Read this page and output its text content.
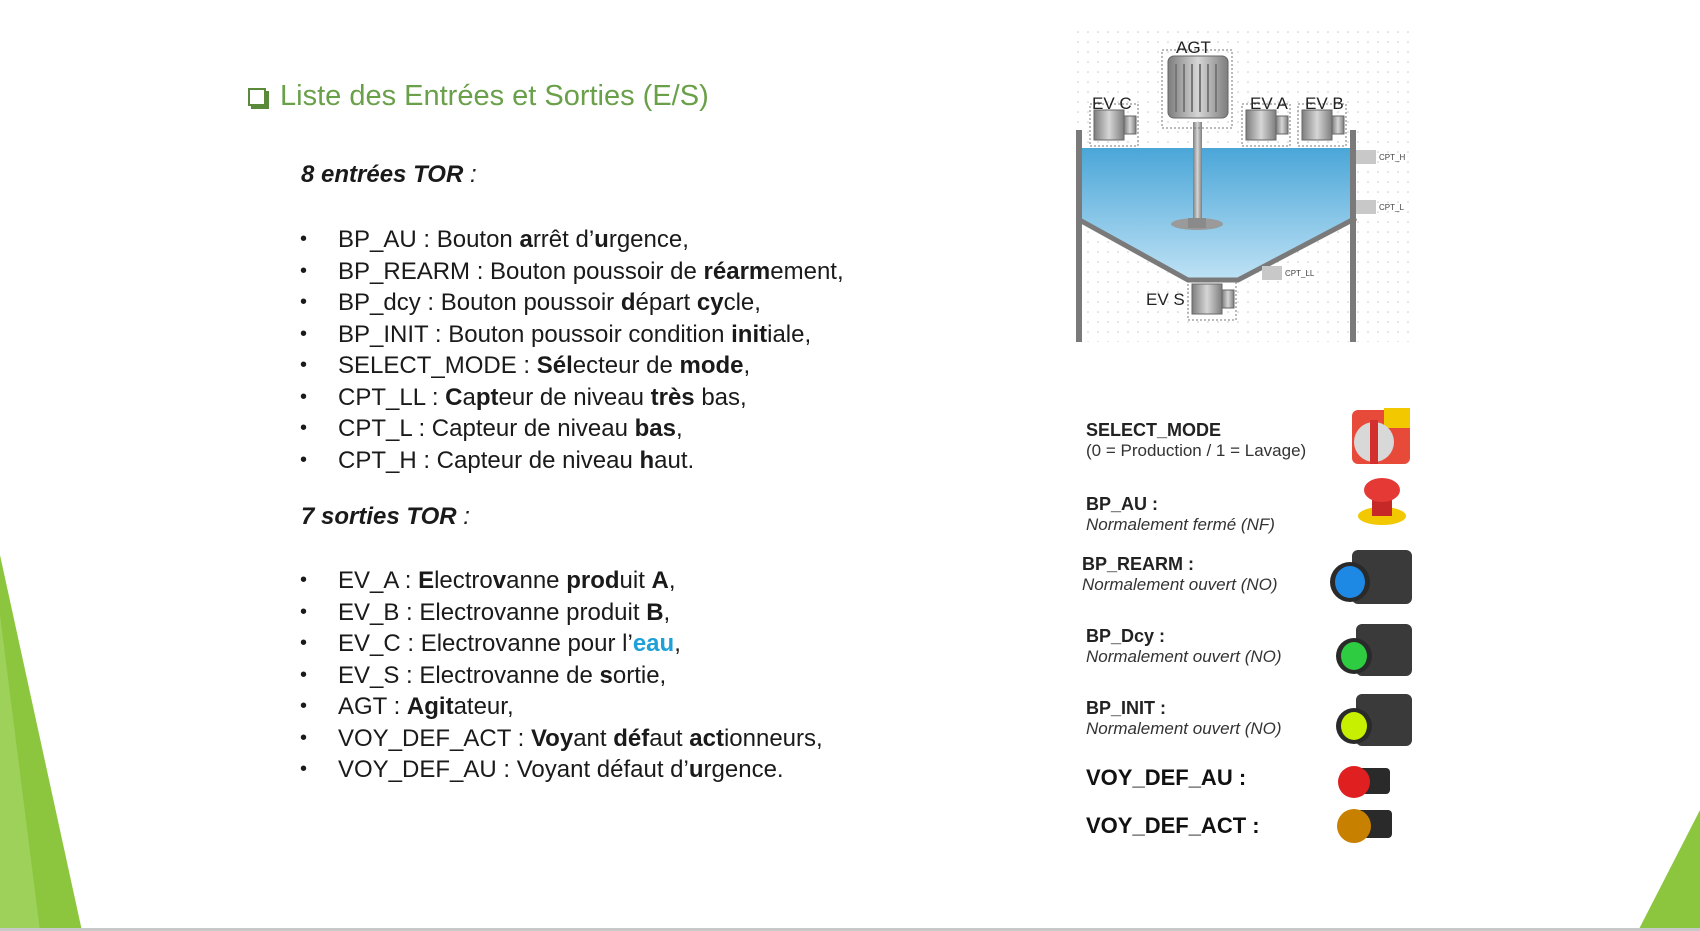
Liste des Entrées et Sorties (E/S)
8 entrées TOR :
• BP_AU : Bouton arrêt d’urgence,
• BP_REARM : Bouton poussoir de réarmement,
• BP_dcy : Bouton poussoir départ cycle,
• BP_INIT : Bouton poussoir condition initiale,
• SELECT_MODE : Sélecteur de mode,
• CPT_LL : Capteur de niveau très bas,
• CPT_L : Capteur de niveau bas,
• CPT_H : Capteur de niveau haut.
7 sorties TOR :
• EV_A : Electrovanne produit A,
• EV_B : Electrovanne produit B,
• EV_C : Electrovanne pour l’eau,
• EV_S : Electrovanne de sortie,
• AGT : Agitateur,
• VOY_DEF_ACT : Voyant défaut actionneurs,
• VOY_DEF_AU : Voyant défaut d’urgence.
AGT
EV C	EV A EV B
EV S
CPT_H
CPT_L
CPT_LL
SELECT_MODE
(0 = Production / 1 = Lavage)
BP_AU :
Normalement fermé (NF)
BP_REARM :
Normalement ouvert (NO)
BP_Dcy :
Normalement ouvert (NO)
BP_INIT :
Normalement ouvert (NO)
VOY_DEF_AU :
VOY_DEF_ACT :
